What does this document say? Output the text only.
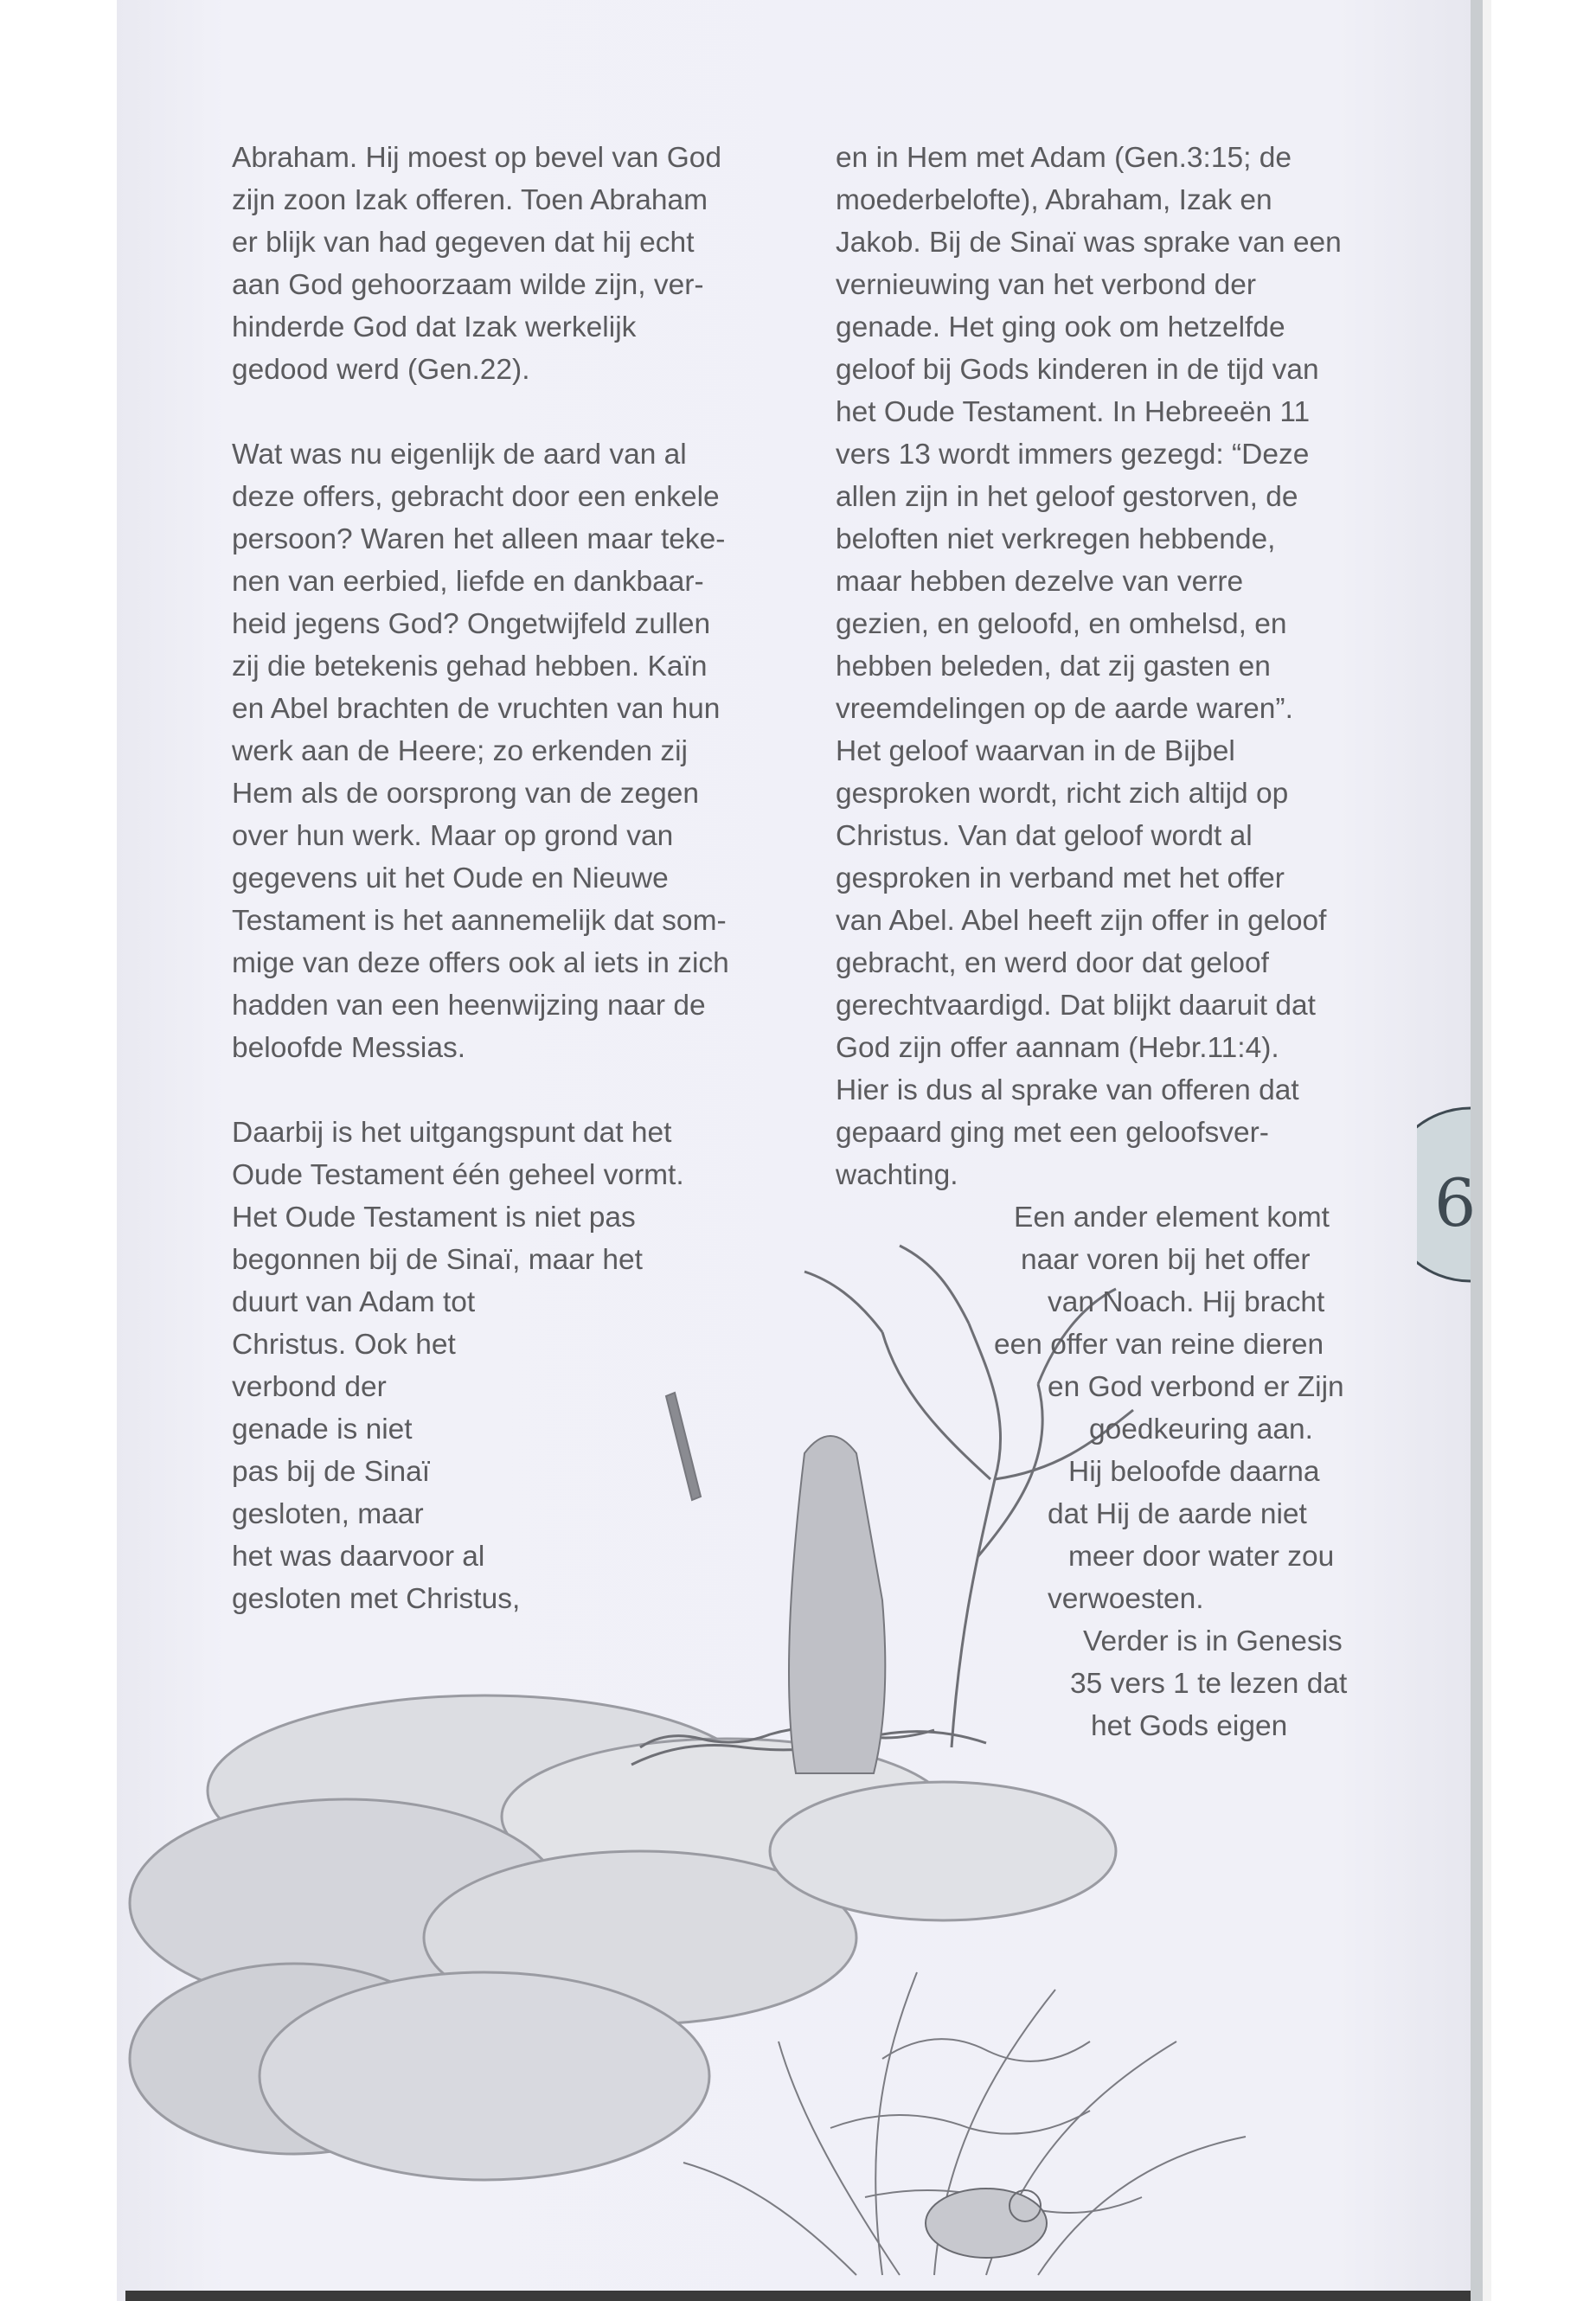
Abraham. Hij moest op bevel van God
zijn zoon Izak offeren. Toen Abraham
er blijk van had gegeven dat hij echt
aan God gehoorzaam wilde zijn, ver-
hinderde God dat Izak werkelijk
gedood werd (Gen.22).
Wat was nu eigenlijk de aard van al
deze offers, gebracht door een enkele
persoon? Waren het alleen maar teke-
nen van eerbied, liefde en dankbaar-
heid jegens God? Ongetwijfeld zullen
zij die betekenis gehad hebben. Kaïn
en Abel brachten de vruchten van hun
werk aan de Heere; zo erkenden zij
Hem als de oorsprong van de zegen
over hun werk. Maar op grond van
gegevens uit het Oude en Nieuwe
Testament is het aannemelijk dat som-
mige van deze offers ook al iets in zich
hadden van een heenwijzing naar de
beloofde Messias.
Daarbij is het uitgangspunt dat het
Oude Testament één geheel vormt.
Het Oude Testament is niet pas
begonnen bij de Sinaï, maar het
duurt van Adam tot
Christus. Ook het
verbond der
genade is niet
pas bij de Sinaï
gesloten, maar
het was daarvoor al
gesloten met Christus,
en in Hem met Adam (Gen.3:15; de
moederbelofte), Abraham, Izak en
Jakob. Bij de Sinaï was sprake van een
vernieuwing van het verbond der
genade. Het ging ook om hetzelfde
geloof bij Gods kinderen in de tijd van
het Oude Testament. In Hebreeën 11
vers 13 wordt immers gezegd: “Deze
allen zijn in het geloof gestorven, de
beloften niet verkregen hebbende,
maar hebben dezelve van verre
gezien, en geloofd, en omhelsd, en
hebben beleden, dat zij gasten en
vreemdelingen op de aarde waren”.
Het geloof waarvan in de Bijbel
gesproken wordt, richt zich altijd op
Christus. Van dat geloof wordt al
gesproken in verband met het offer
van Abel. Abel heeft zijn offer in geloof
gebracht, en werd door dat geloof
gerechtvaardigd. Dat blijkt daaruit dat
God zijn offer aannam (Hebr.11:4).
Hier is dus al sprake van offeren dat
gepaard ging met een geloofsver-
wachting.
Een ander element komt
naar voren bij het offer
van Noach. Hij bracht
een offer van reine dieren
en God verbond er Zijn
goedkeuring aan.
Hij beloofde daarna
dat Hij de aarde niet
meer door water zou
verwoesten.
Verder is in Genesis
35 vers 1 te lezen dat
het Gods eigen
6
